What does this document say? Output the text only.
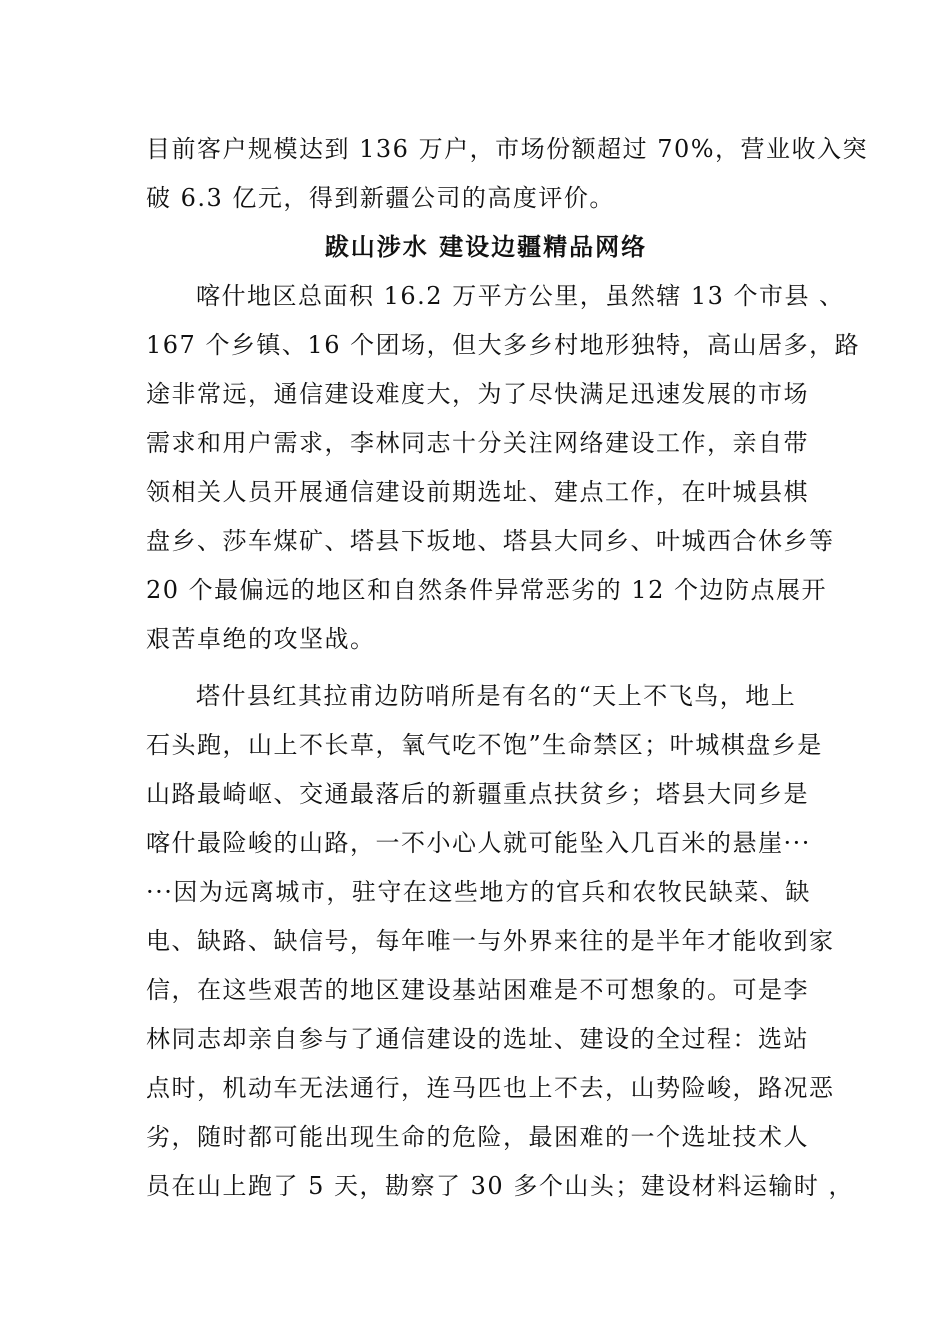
目前客户规模达到 136 万户，市场份额超过 70%，营业收入突
破 6.3 亿元，得到新疆公司的高度评价。
跋山涉水 建设边疆精品网络
喀什地区总面积 16.2 万平方公里，虽然辖 13 个市县 、
167 个乡镇、16 个团场，但大多乡村地形独特，高山居多，路
途非常远，通信建设难度大，为了尽快满足迅速发展的市场
需求和用户需求，李林同志十分关注网络建设工作，亲自带
领相关人员开展通信建设前期选址、建点工作，在叶城县棋
盘乡、莎车煤矿、塔县下坂地、塔县大同乡、叶城西合休乡等
20 个最偏远的地区和自然条件异常恶劣的 12 个边防点展开
艰苦卓绝的攻坚战。
塔什县红其拉甫边防哨所是有名的“天上不飞鸟，地上
石头跑，山上不长草，氧气吃不饱”生命禁区；叶城棋盘乡是
山路最崎岖、交通最落后的新疆重点扶贫乡；塔县大同乡是
喀什最险峻的山路，一不小心人就可能坠入几百米的悬崖···
···因为远离城市，驻守在这些地方的官兵和农牧民缺菜、缺
电、缺路、缺信号，每年唯一与外界来往的是半年才能收到家
信，在这些艰苦的地区建设基站困难是不可想象的。可是李
林同志却亲自参与了通信建设的选址、建设的全过程：选站
点时，机动车无法通行，连马匹也上不去，山势险峻，路况恶
劣，随时都可能出现生命的危险，最困难的一个选址技术人
员在山上跑了 5 天，勘察了 30 多个山头；建设材料运输时 ，
